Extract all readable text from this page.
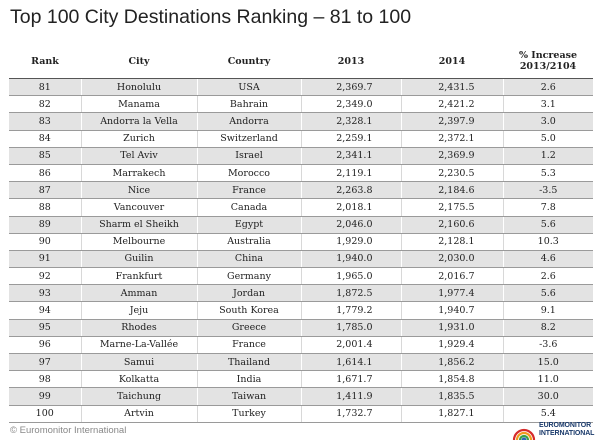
Top 100 City Destinations Ranking – 81 to 100
Rank	City	Country	2013	2014	% Increase
2013/2104

81	Honolulu	USA	2,369.7	2,431.5	2.6
82	Manama	Bahrain	2,349.0	2,421.2	3.1
83	Andorra la Vella	Andorra	2,328.1	2,397.9	3.0
84	Zurich	Switzerland	2,259.1	2,372.1	5.0
85	Tel Aviv	Israel	2,341.1	2,369.9	1.2
86	Marrakech	Morocco	2,119.1	2,230.5	5.3
87	Nice	France	2,263.8	2,184.6	-3.5
88	Vancouver	Canada	2,018.1	2,175.5	7.8
89	Sharm el Sheikh	Egypt	2,046.0	2,160.6	5.6
90	Melbourne	Australia	1,929.0	2,128.1	10.3
91	Guilin	China	1,940.0	2,030.0	4.6
92	Frankfurt	Germany	1,965.0	2,016.7	2.6
93	Amman	Jordan	1,872.5	1,977.4	5.6
94	Jeju	South Korea	1,779.2	1,940.7	9.1
95	Rhodes	Greece	1,785.0	1,931.0	8.2
96	Marne-La-Vallée	France	2,001.4	1,929.4	-3.6
97	Samui	Thailand	1,614.1	1,856.2	15.0
98	Kolkatta	India	1,671.7	1,854.8	11.0
99	Taichung	Taiwan	1,411.9	1,835.5	30.0
100	Artvin	Turkey	1,732.7	1,827.1	5.4
© Euromonitor International	EUROMONITOR
INTERNATIONAL
